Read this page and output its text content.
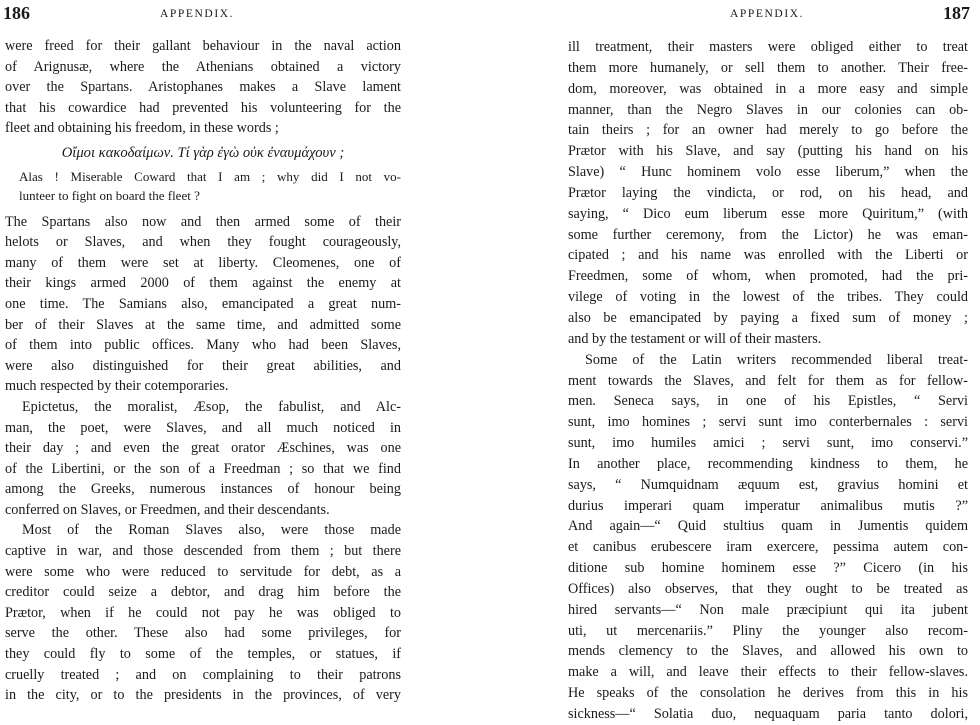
186	APPENDIX.
were freed for their gallant behaviour in the naval action
of Arignusæ, where the Athenians obtained a victory
over the Spartans. Aristophanes makes a Slave lament
that his cowardice had prevented his volunteering for the
fleet and obtaining his freedom, in these words ;
Οἴμοι κακοδαίμων. Τί γὰρ ἐγὼ οὐκ ἐναυμάχουν ;
Alas ! Miserable Coward that I am ; why did I not vo-
lunteer to fight on board the fleet ?
The Spartans also now and then armed some of their
helots or Slaves, and when they fought courageously,
many of them were set at liberty. Cleomenes, one of
their kings armed 2000 of them against the enemy at
one time. The Samians also, emancipated a great num-
ber of their Slaves at the same time, and admitted some
of them into public offices. Many who had been Slaves,
were also distinguished for their great abilities, and
much respected by their cotemporaries.
Epictetus, the moralist, Æsop, the fabulist, and Alc-
man, the poet, were Slaves, and all much noticed in
their day ; and even the great orator Æschines, was one
of the Libertini, or the son of a Freedman ; so that we find
among the Greeks, numerous instances of honour being
conferred on Slaves, or Freedmen, and their descendants.
Most of the Roman Slaves also, were those made
captive in war, and those descended from them ; but there
were some who were reduced to servitude for debt, as a
creditor could seize a debtor, and drag him before the
Prætor, when if he could not pay he was obliged to
serve the other. These also had some privileges, for
they could fly to some of the temples, or statues, if
cruelly treated ; and on complaining to their patrons
in the city, or to the presidents in the provinces, of very
APPENDIX.	187
ill treatment, their masters were obliged either to treat
them more humanely, or sell them to another. Their free-
dom, moreover, was obtained in a more easy and simple
manner, than the Negro Slaves in our colonies can ob-
tain theirs ; for an owner had merely to go before the
Prætor with his Slave, and say (putting his hand on his
Slave) “ Hunc hominem volo esse liberum,” when the
Prætor laying the vindicta, or rod, on his head, and
saying, “ Dico eum liberum esse more Quiritum,” (with
some further ceremony, from the Lictor) he was eman-
cipated ; and his name was enrolled with the Liberti or
Freedmen, some of whom, when promoted, had the pri-
vilege of voting in the lowest of the tribes. They could
also be emancipated by paying a fixed sum of money ;
and by the testament or will of their masters.
Some of the Latin writers recommended liberal treat-
ment towards the Slaves, and felt for them as for fellow-
men. Seneca says, in one of his Epistles, “ Servi
sunt, imo homines ; servi sunt imo conterbernales : servi
sunt, imo humiles amici ; servi sunt, imo conservi.”
In another place, recommending kindness to them, he
says, “ Numquidnam æquum est, gravius homini et
durius imperari quam imperatur animalibus mutis ?”
And again—“ Quid stultius quam in Jumentis quidem
et canibus erubescere iram exercere, pessima autem con-
ditione sub homine hominem esse ?” Cicero (in his
Offices) also observes, that they ought to be treated as
hired servants—“ Non male præcipiunt qui ita jubent
uti, ut mercenariis.” Pliny the younger also recom-
mends clemency to the Slaves, and allowed his own to
make a will, and leave their effects to their fellow-slaves.
He speaks of the consolation he derives from this in his
sickness—“ Solatia duo, nequaquam paria tanto dolori,
